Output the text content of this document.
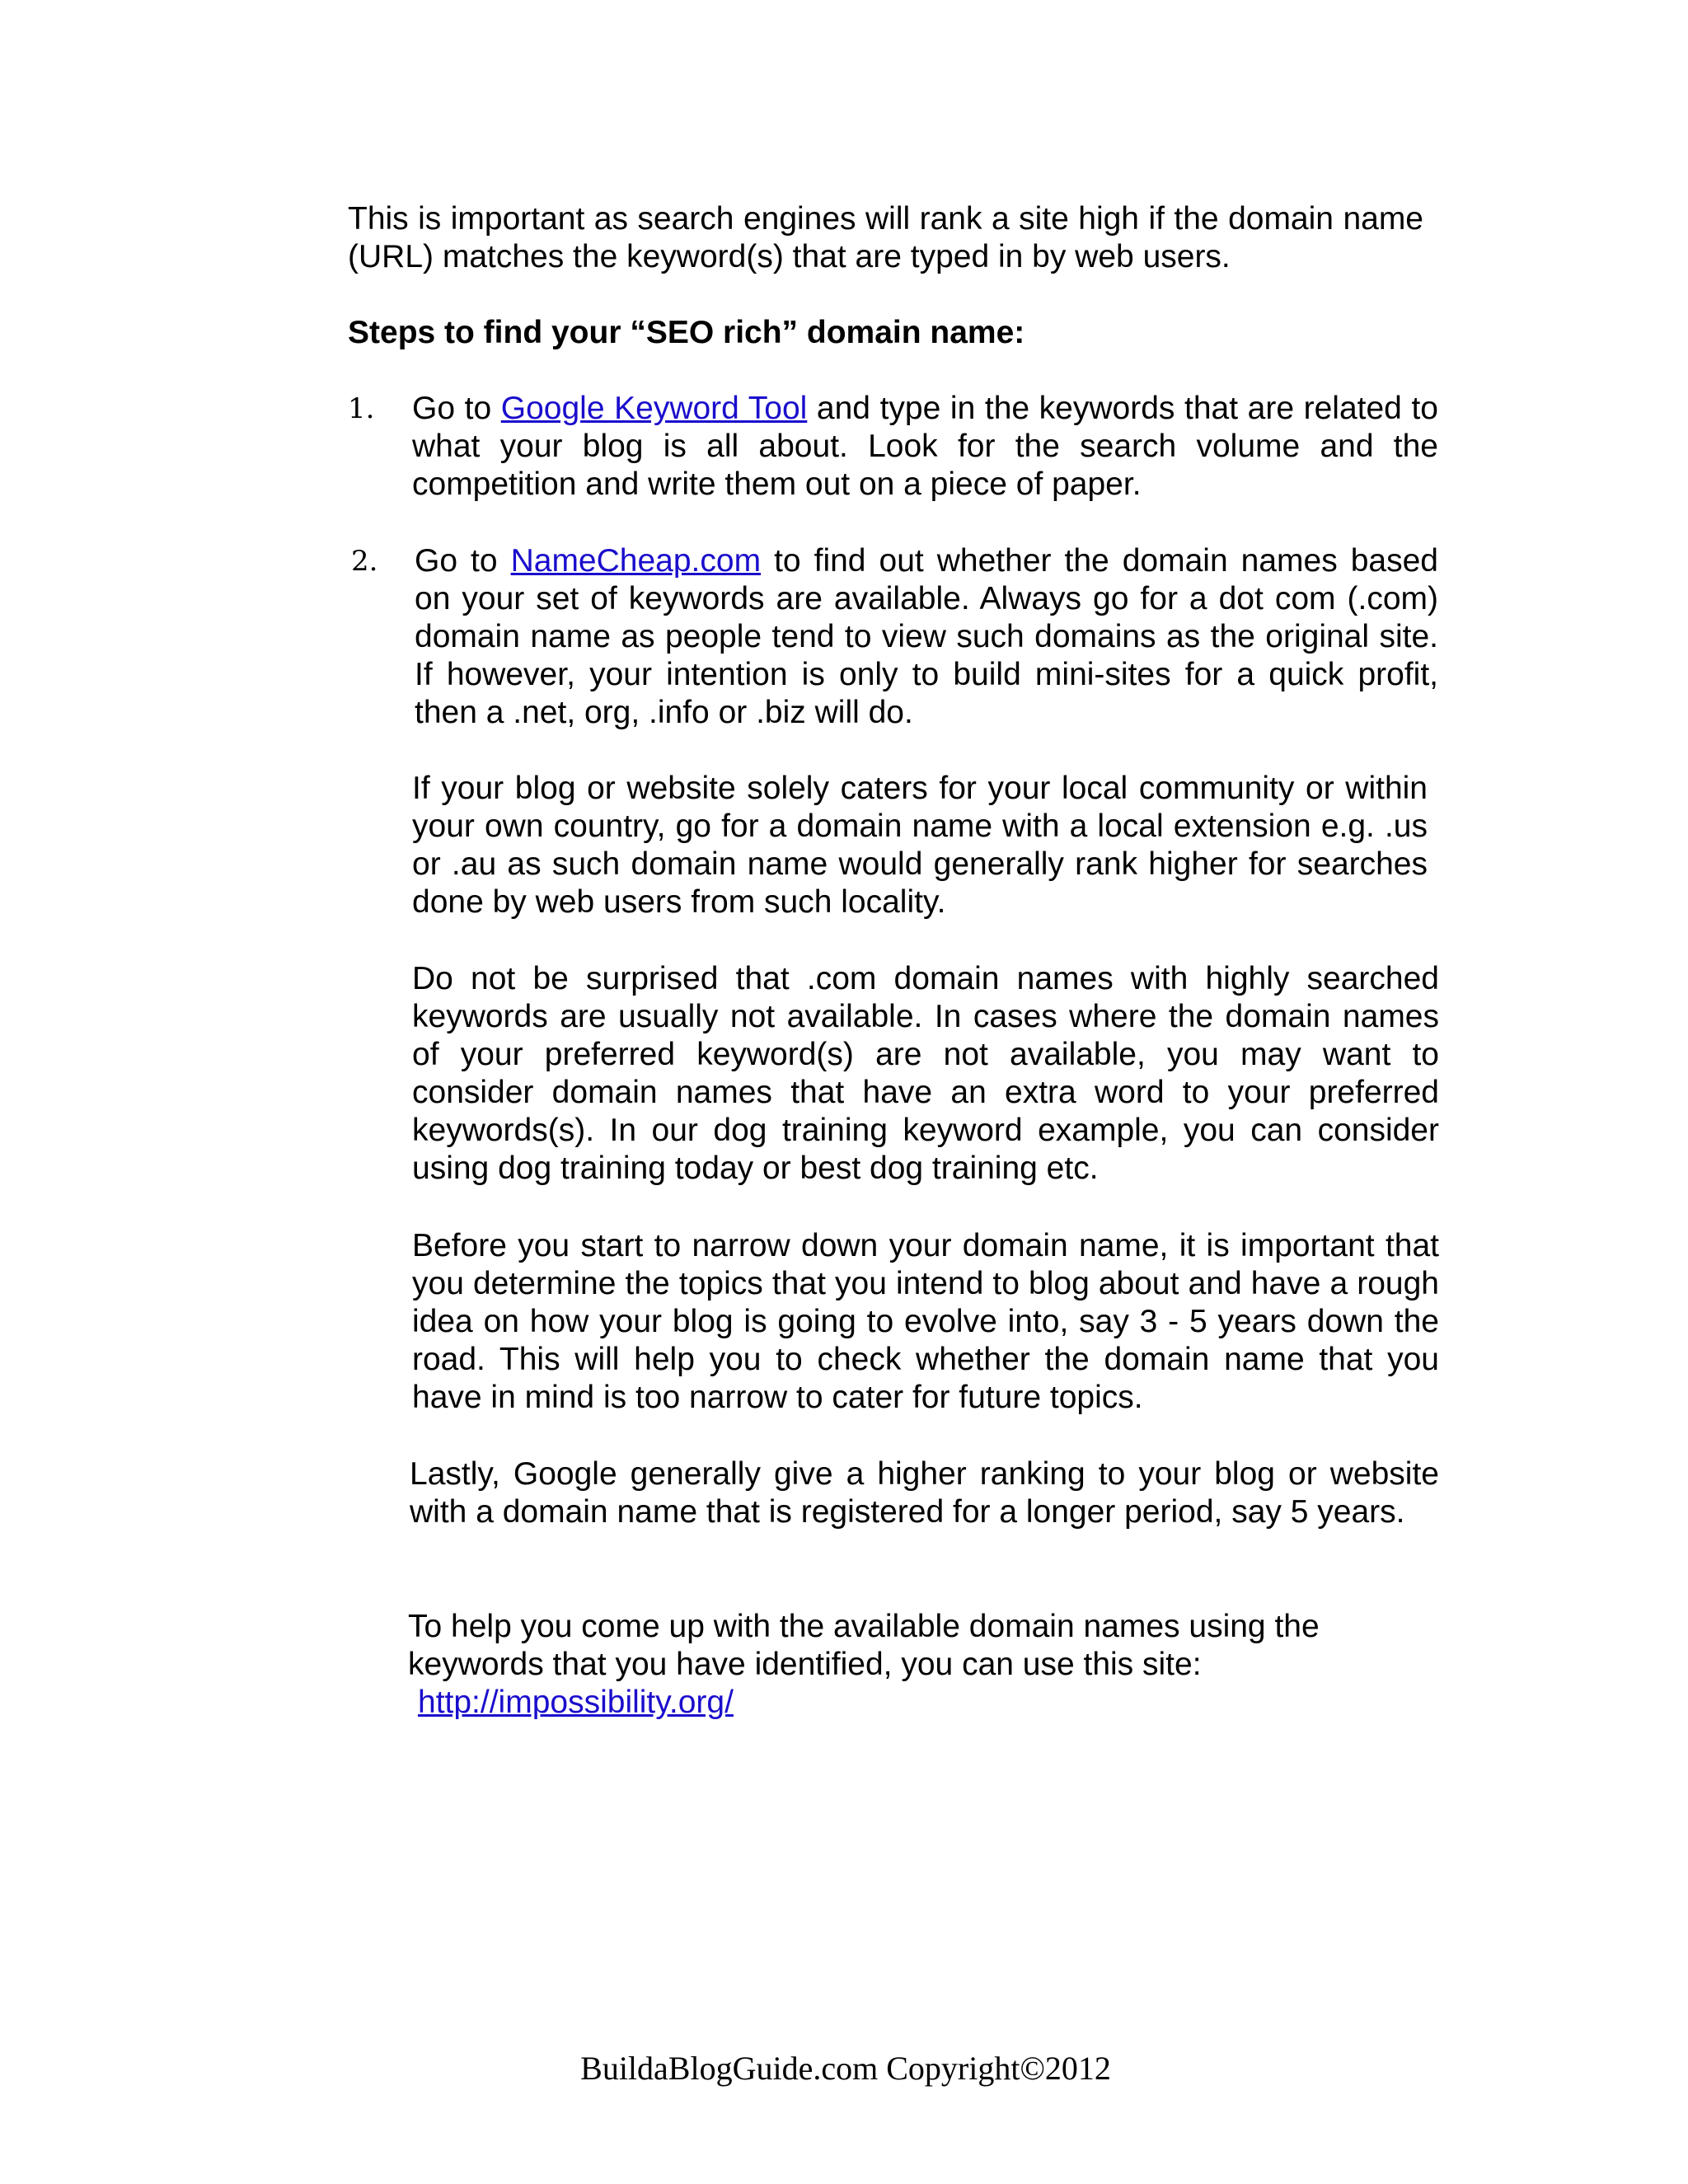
This is important as search engines will rank a site high if the domain name (URL) matches the keyword(s) that are typed in by web users.

Steps to find your “SEO rich” domain name:

1. Go to Google Keyword Tool and type in the keywords that are related to what your blog is all about. Look for the search volume and the competition and write them out on a piece of paper.

2. Go to NameCheap.com to find out whether the domain names based on your set of keywords are available. Always go for a dot com (.com) domain name as people tend to view such domains as the original site. If however, your intention is only to build mini-sites for a quick profit, then a .net, org, .info or .biz will do.

If your blog or website solely caters for your local community or within your own country, go for a domain name with a local extension e.g. .us or .au as such domain name would generally rank higher for searches done by web users from such locality.

Do not be surprised that .com domain names with highly searched keywords are usually not available. In cases where the domain names of your preferred keyword(s) are not available, you may want to consider domain names that have an extra word to your preferred keywords(s). In our dog training keyword example, you can consider using dog training today or best dog training etc.

Before you start to narrow down your domain name, it is important that you determine the topics that you intend to blog about and have a rough idea on how your blog is going to evolve into, say 3 - 5 years down the road. This will help you to check whether the domain name that you have in mind is too narrow to cater for future topics.

Lastly, Google generally give a higher ranking to your blog or website with a domain name that is registered for a longer period, say 5 years.

To help you come up with the available domain names using the keywords that you have identified, you can use this site:

http://impossibility.org/

BuildaBlogGuide.com Copyright©2012
